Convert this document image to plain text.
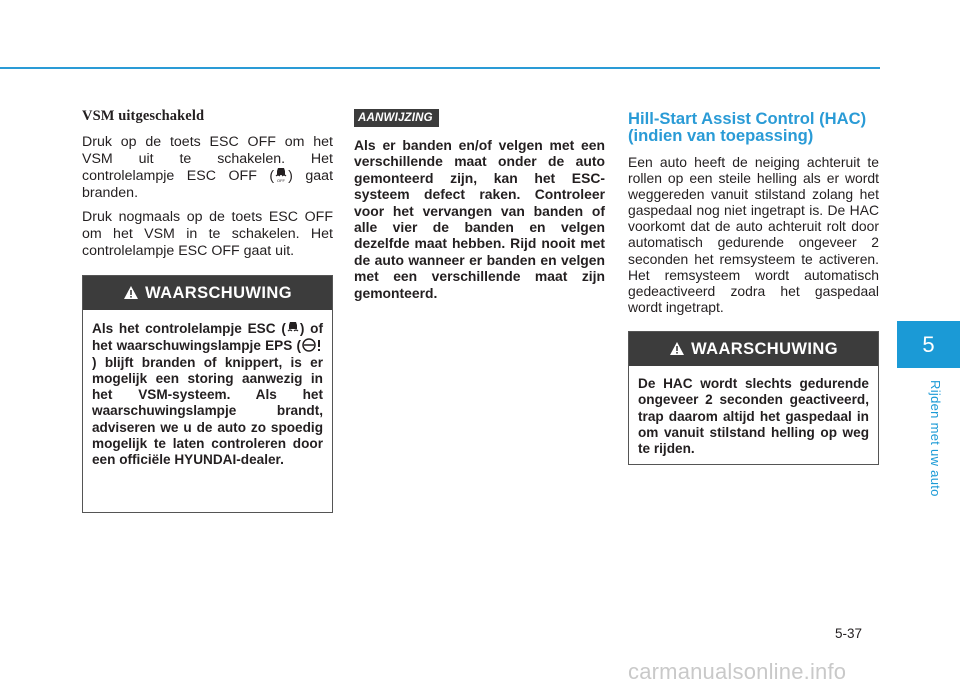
VSM uitgeschakeld

Druk op de toets ESC OFF om het VSM uit te schakelen. Het controlelampje ESC OFF ( OFF ) gaat branden.

Druk nogmaals op de toets ESC OFF om het VSM in te schakelen. Het controlelampje ESC OFF gaat uit.

WAARSCHUWING
Als het controlelampje ESC ( ) of het waarschuwingslampje EPS () blijft branden of knippert, is er mogelijk een storing aanwezig in het VSM-systeem. Als het waarschuwingslampje brandt, adviseren we u de auto zo spoedig mogelijk te laten controleren door een officiële HYUNDAI-dealer.
AANWIJZING
Als er banden en/of velgen met een verschillende maat onder de auto gemonteerd zijn, kan het ESC-systeem defect raken. Controleer voor het vervangen van banden of alle vier de banden en velgen dezelfde maat hebben. Rijd nooit met de auto wanneer er banden en velgen met een verschillende maat zijn gemonteerd.
Hill-Start Assist Control (HAC) (indien van toepassing)

Een auto heeft de neiging achteruit te rollen op een steile helling als er wordt weggereden vanuit stilstand zolang het gaspedaal nog niet ingetrapt is. De HAC voorkomt dat de auto achteruit rolt door automatisch gedurende ongeveer 2 seconden het remsysteem te activeren. Het remsysteem wordt automatisch gedeactiveerd zodra het gaspedaal wordt ingetrapt.

WAARSCHUWING
De HAC wordt slechts gedurende ongeveer 2 seconden geactiveerd, trap daarom altijd het gaspedaal in om vanuit stilstand helling op weg te rijden.
5
Rijden met uw auto
5-37
carmanualsonline.info
